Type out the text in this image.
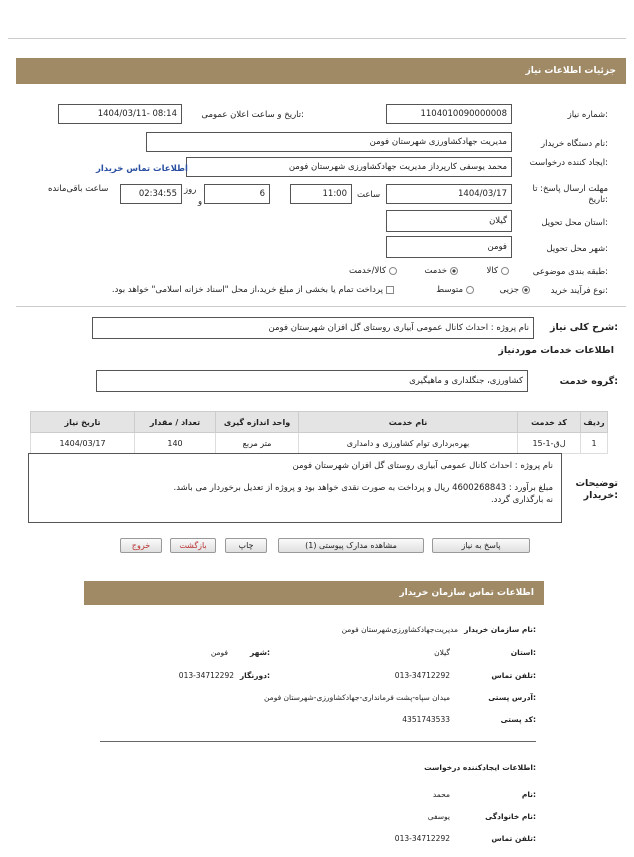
جزئیات اطلاعات نیاز
شماره نیاز:
1104010090000008
تاریخ و ساعت اعلان عمومی:
1404/03/11- 08:14
نام دستگاه خریدار:
مدیریت جهادکشاورزی شهرستان فومن
ایجاد کننده درخواست:
محمد یوسفی کارپرداز مدیریت جهادکشاورزی شهرستان فومن
اطلاعات تماس خریدار
مهلت ارسال پاسخ: تا تاریخ:
1404/03/17
ساعت
11:00
6
روز
و
02:34:55
ساعت باقی‌مانده
استان محل تحویل:
گیلان
شهر محل تحویل:
فومن
طبقه بندی موضوعی:
کالا
خدمت
کالا/خدمت
نوع فرآیند خرید:
جزیی
متوسط
پرداخت تمام یا بخشی از مبلغ خرید،از محل "اسناد خزانه اسلامی" خواهد بود.
شرح کلی نیاز:
نام پروژه : احداث کانال عمومی آبیاری روستای گل افزان شهرستان فومن
اطلاعات خدمات موردنیاز
گروه خدمت:
کشاورزی، جنگلداری و ماهیگیری
ردیف	کد خدمت	نام خدمت	واحد اندازه گیری	تعداد / مقدار	تاریخ نیاز
1	ل‌ق-1-15	بهره‌برداری توام کشاورزی و دامداری	متر مربع	140	1404/03/17
توضیحات خریدار:
نام پروژه : احداث کانال عمومی آبیاری روستای گل افزان شهرستان فومن
مبلغ برآورد : 4600268843 ریال و پرداخت به صورت نقدی خواهد بود و پروژه از تعدیل برخوردار می باشد.
نه بارگذاری گردد.
پاسخ به نیاز
مشاهده مدارک پیوستی (1)
چاپ
بازگشت
خروج
اطلاعات تماس سازمان خریدار
نام سازمان خریدار:
مدیریت‌جهادکشاورزی‌شهرستان فومن
استان:
گیلان
شهر:
فومن
تلفن تماس:
013-34712292
دورنگار:
013-34712292
آدرس پستی:
میدان سپاه-پشت فرمانداری-جهادکشاورزی-شهرستان فومن
کد پستی:
4351743533
اطلاعات ایجادکننده درخواست:
نام:
محمد
نام خانوادگی:
یوسفی
تلفن تماس:
013-34712292
